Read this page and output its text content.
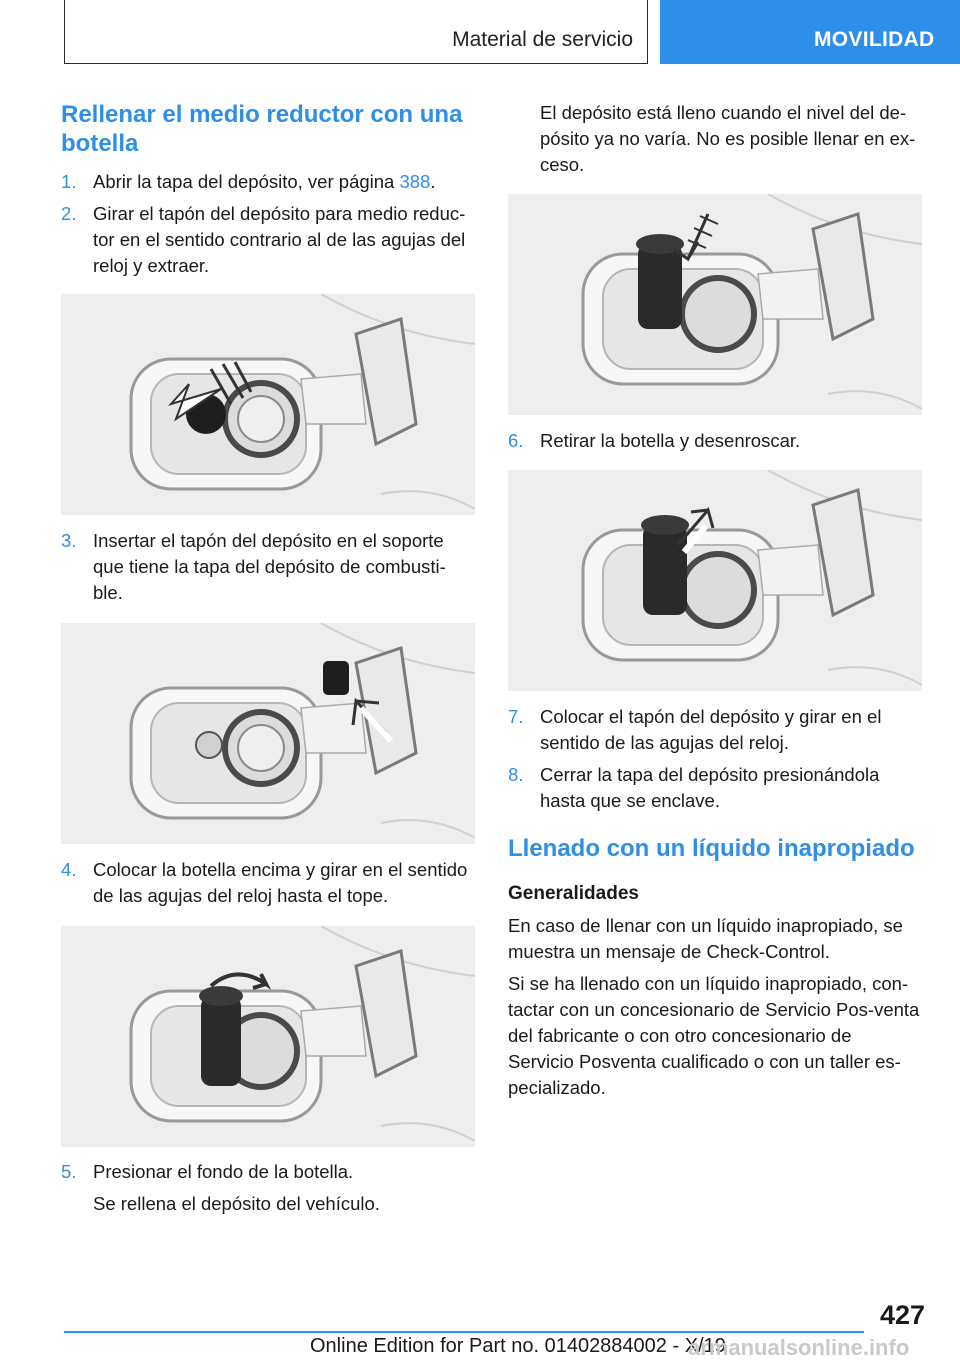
Material de servicio	MOVILIDAD
Rellenar el medio reductor con una botella
1. Abrir la tapa del depósito, ver página 388.
2. Girar el tapón del depósito para medio reduc-tor en el sentido contrario al de las agujas del reloj y extraer.
3. Insertar el tapón del depósito en el soporte que tiene la tapa del depósito de combusti-ble.
4. Colocar la botella encima y girar en el sentido de las agujas del reloj hasta el tope.
5. Presionar el fondo de la botella.
Se rellena el depósito del vehículo.
El depósito está lleno cuando el nivel del de-pósito ya no varía. No es posible llenar en ex-ceso.
6. Retirar la botella y desenroscar.
7. Colocar el tapón del depósito y girar en el sentido de las agujas del reloj.
8. Cerrar la tapa del depósito presionándola hasta que se enclave.
Llenado con un líquido inapropiado
Generalidades
En caso de llenar con un líquido inapropiado, se muestra un mensaje de Check-Control.
Si se ha llenado con un líquido inapropiado, con-tactar con un concesionario de Servicio Pos-venta del fabricante o con otro concesionario de Servicio Posventa cualificado o con un taller es-pecializado.
427
Online Edition for Part no. 01402884002 - X/19
armanualsonline.info
